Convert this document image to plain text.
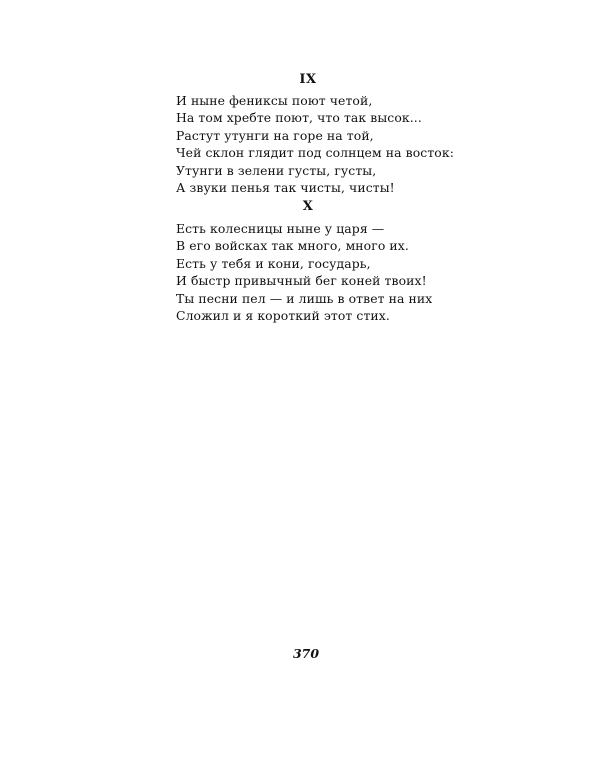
IX
И ныне фениксы поют четой,
На том хребте поют, что так высок...
Растут утунги на горе на той,
Чей склон глядит под солнцем на восток:
Утунги в зелени густы, густы,
А звуки пенья так чисты, чисты!
X
Есть колесницы ныне у царя —
В его войсках так много, много их.
Есть у тебя и кони, государь,
И быстр привычный бег коней твоих!
Ты песни пел — и лишь в ответ на них
Сложил и я короткий этот стих.
370
